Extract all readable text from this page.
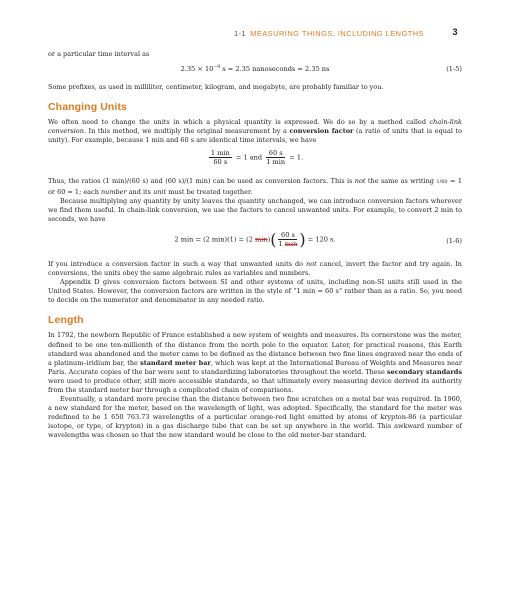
1-1 MEASURING THINGS, INCLUDING LENGTHS	3

or a particular time interval as

$2.35 \times 10^{-9}$ s = 2.35 nanoseconds = 2.35 ns	(1-5)

Some prefixes, as used in milliliter, centimeter, kilogram, and megabyte, are probably familiar to you.

Changing Units

We often need to change the units in which a physical quantity is expressed. We do so by a method called chain-link conversion. In this method, we multiply the original measurement by a conversion factor (a ratio of units that is equal to unity). For example, because 1 min and 60 s are identical time intervals, we have

$\frac{1 \min}{60 s} = 1$ and $\frac{60 s}{1 \min} = 1$.

Thus, the ratios (1 min)/(60 s) and (60 s)/(1 min) can be used as conversion factors. This is not the same as writing 1/60 = 1 or 60 = 1; each number and its unit must be treated together.

Because multiplying any quantity by unity leaves the quantity unchanged, we can introduce conversion factors wherever we find them useful. In chain-link conversion, we use the factors to cancel unwanted units. For example, to convert 2 min to seconds, we have

2 min = (2 min)(1) = (2 $\min)( \frac{60 s}{1 \min}$ ) = 120 s.	(1-6)

If you introduce a conversion factor in such a way that unwanted units do not cancel, invert the factor and try again. In conversions, the units obey the same algebraic rules as variables and numbers.

Appendix D gives conversion factors between SI and other systems of units, including non-SI units still used in the United States. However, the conversion factors are written in the style of “1 min = 60 s” rather than as a ratio. So, you need to decide on the numerator and denominator in any needed ratio.

Length

In 1792, the newborn Republic of France established a new system of weights and measures. Its cornerstone was the meter, defined to be one ten-millionth of the distance from the north pole to the equator. Later, for practical reasons, this Earth standard was abandoned and the meter came to be defined as the distance between two fine lines engraved near the ends of a platinum–iridium bar, the standard meter bar, which was kept at the International Bureau of Weights and Measures near Paris. Accurate copies of the bar were sent to standardizing laboratories throughout the world. These secondary standards were used to produce other, still more accessible standards, so that ultimately every measuring device derived its authority from the standard meter bar through a complicated chain of comparisons.

Eventually, a standard more precise than the distance between two fine scratches on a metal bar was required. In 1960, a new standard for the meter, based on the wavelength of light, was adopted. Specifically, the standard for the meter was redefined to be 1 650 763.73 wavelengths of a particular orange-red light emitted by atoms of krypton-86 (a particular isotope, or type, of krypton) in a gas discharge tube that can be set up anywhere in the world. This awkward number of wavelengths was chosen so that the new standard would be close to the old meter-bar standard.
